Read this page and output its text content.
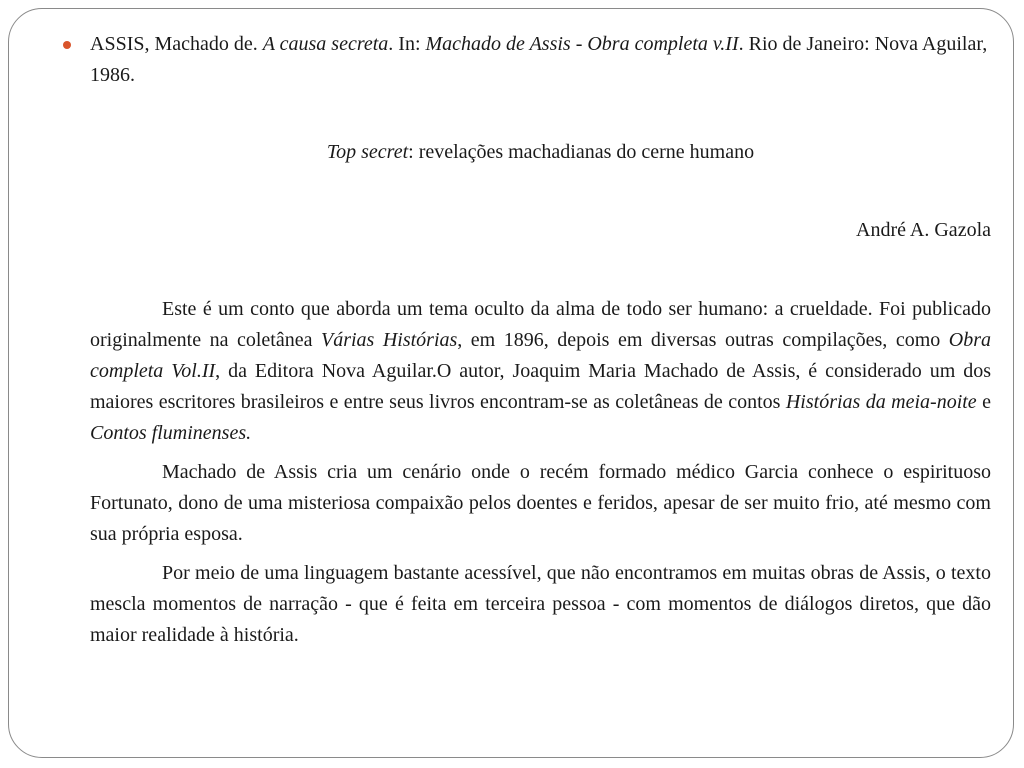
ASSIS, Machado de. A causa secreta. In: Machado de Assis - Obra completa v.II. Rio de Janeiro: Nova Aguilar, 1986.

Top secret: revelações machadianas do cerne humano
André A. Gazola

Este é um conto que aborda um tema oculto da alma de todo ser humano: a crueldade. Foi publicado originalmente na coletânea Várias Histórias, em 1896, depois em diversas outras compilações, como Obra completa Vol.II, da Editora Nova Aguilar.O autor, Joaquim Maria Machado de Assis, é considerado um dos maiores escritores brasileiros e entre seus livros encontram-se as coletâneas de contos Histórias da meia-noite e Contos fluminenses.

Machado de Assis cria um cenário onde o recém formado médico Garcia conhece o espirituoso Fortunato, dono de uma misteriosa compaixão pelos doentes e feridos, apesar de ser muito frio, até mesmo com sua própria esposa.

Por meio de uma linguagem bastante acessível, que não encontramos em muitas obras de Assis, o texto mescla momentos de narração - que é feita em terceira pessoa - com momentos de diálogos diretos, que dão maior realidade à história.
